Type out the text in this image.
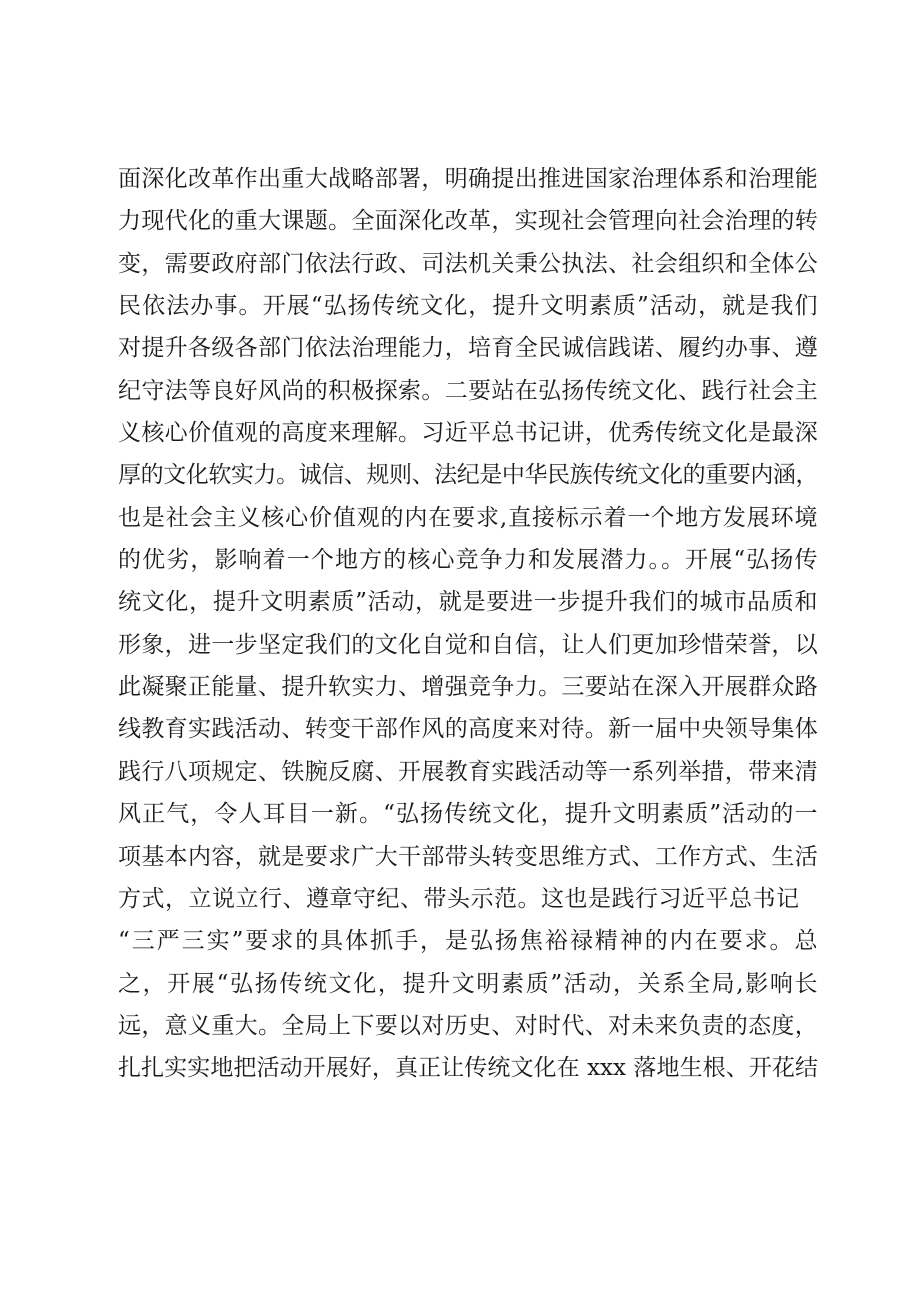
面深化改革作出重大战略部署，明确提出推进国家治理体系和治理能
力现代化的重大课题。全面深化改革，实现社会管理向社会治理的转
变，需要政府部门依法行政、司法机关秉公执法、社会组织和全体公
民依法办事。开展“弘扬传统文化，提升文明素质”活动，就是我们
对提升各级各部门依法治理能力，培育全民诚信践诺、履约办事、遵
纪守法等良好风尚的积极探索。二要站在弘扬传统文化、践行社会主
义核心价值观的高度来理解。习近平总书记讲，优秀传统文化是最深
厚的文化软实力。诚信、规则、法纪是中华民族传统文化的重要内涵，
也是社会主义核心价值观的内在要求,直接标示着一个地方发展环境
的优劣，影响着一个地方的核心竞争力和发展潜力。。开展“弘扬传
统文化，提升文明素质”活动，就是要进一步提升我们的城市品质和
形象，进一步坚定我们的文化自觉和自信，让人们更加珍惜荣誉，以
此凝聚正能量、提升软实力、增强竞争力。三要站在深入开展群众路
线教育实践活动、转变干部作风的高度来对待。新一届中央领导集体
践行八项规定、铁腕反腐、开展教育实践活动等一系列举措，带来清
风正气，令人耳目一新。“弘扬传统文化，提升文明素质”活动的一
项基本内容，就是要求广大干部带头转变思维方式、工作方式、生活
方式，立说立行、遵章守纪、带头示范。这也是践行习近平总书记
“三严三实”要求的具体抓手，是弘扬焦裕禄精神的内在要求。总
之，开展“弘扬传统文化，提升文明素质”活动，关系全局,影响长
远，意义重大。全局上下要以对历史、对时代、对未来负责的态度，
扎扎实实地把活动开展好，真正让传统文化在 xxx 落地生根、开花结
